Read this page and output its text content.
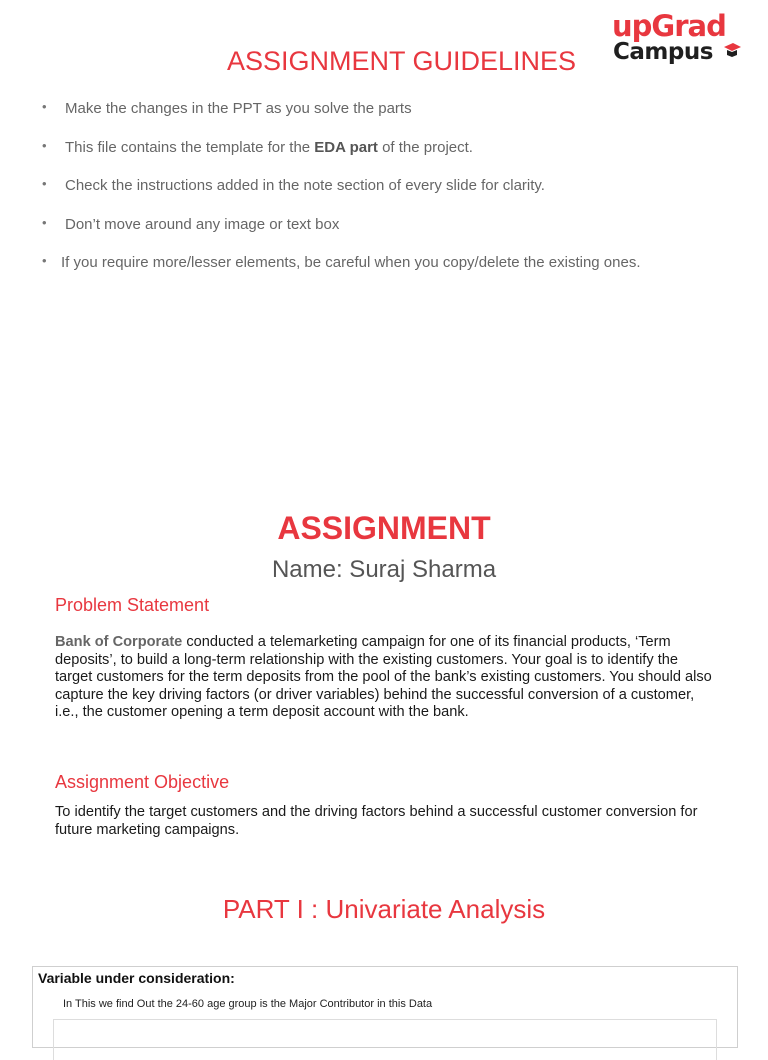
upGrad
Campus
ASSIGNMENT GUIDELINES
• Make the changes in the PPT as you solve the parts
• This file contains the template for the EDA part of the project.
• Check the instructions added in the note section of every slide for clarity.
• Don’t move around any image or text box
• If you require more/lesser elements, be careful when you copy/delete the existing ones.
ASSIGNMENT
Name: Suraj Sharma
Problem Statement
Bank of Corporate conducted a telemarketing campaign for one of its financial products, ‘Term deposits’, to build a long-term relationship with the existing customers. Your goal is to identify the target customers for the term deposits from the pool of the bank’s existing customers. You should also capture the key driving factors (or driver variables) behind the successful conversion of a customer, i.e., the customer opening a term deposit account with the bank.
Assignment Objective
To identify the target customers and the driving factors behind a successful customer conversion for future marketing campaigns.
PART I : Univariate Analysis
Variable under consideration:
In This we find Out the 24-60 age group is the Major Contributor in this Data
